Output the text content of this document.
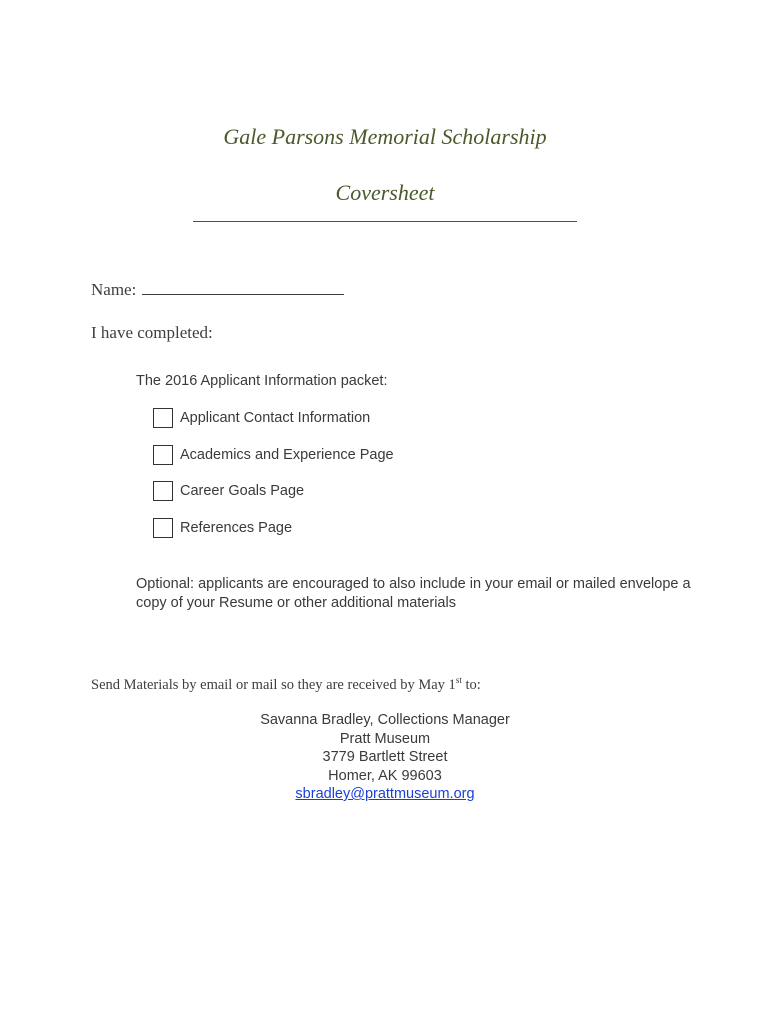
Gale Parsons Memorial Scholarship
Coversheet
Name:
I have completed:
The 2016 Applicant Information packet:
Applicant Contact Information
Academics and Experience Page
Career Goals Page
References Page
Optional: applicants are encouraged to also include in your email or mailed envelope a copy of your Resume or other additional materials
Send Materials by email or mail so they are received by May 1st to:
Savanna Bradley, Collections Manager
Pratt Museum
3779 Bartlett Street
Homer, AK 99603
sbradley@prattmuseum.org
